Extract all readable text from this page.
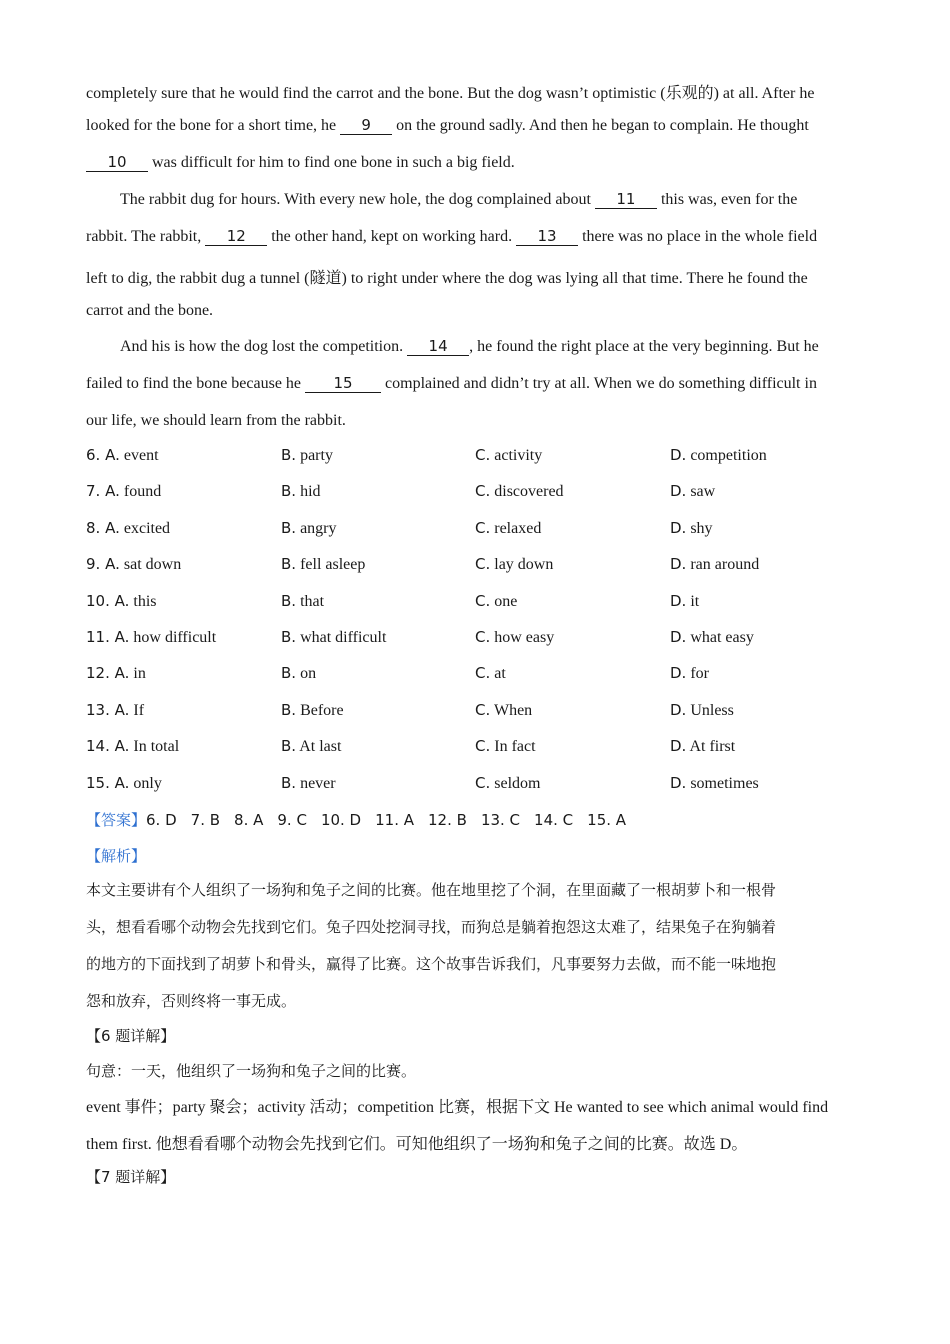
completely sure that he would find the carrot and the bone. But the dog wasn’t optimistic (乐观的) at all. After he
looked for the bone for a short time, he 9 on the ground sadly. And then he began to complain. He thought
10 was difficult for him to find one bone in such a big field.
The rabbit dug for hours. With every new hole, the dog complained about 11 this was, even for the
rabbit. The rabbit, 12 the other hand, kept on working hard. 13 there was no place in the whole field
left to dig, the rabbit dug a tunnel (隧道) to right under where the dog was lying all that time. There he found the
carrot and the bone.
And his is how the dog lost the competition. 14 , he found the right place at the very beginning. But he
failed to find the bone because he 15 complained and didn’t try at all. When we do something difficult in
our life, we should learn from the rabbit.
6. A. event	B. party	C. activity	D. competition
7. A. found	B. hid	C. discovered	D. saw
8. A. excited	B. angry	C. relaxed	D. shy
9. A. sat down	B. fell asleep	C. lay down	D. ran around
10. A. this	B. that	C. one	D. it
11. A. how difficult	B. what difficult	C. how easy	D. what easy
12. A. in	B. on	C. at	D. for
13. A. If	B. Before	C. When	D. Unless
14. A. In total	B. At last	C. In fact	D. At first
15. A. only	B. never	C. seldom	D. sometimes
【答案】6. D 7. B 8. A 9. C 10. D 11. A 12. B 13. C 14. C 15. A
【解析】
本文主要讲有个人组织了一场狗和兔子之间的比赛。他在地里挖了个洞，在里面藏了一根胡萝卜和一根骨
头，想看看哪个动物会先找到它们。兔子四处挖洞寻找，而狗总是躺着抱怨这太难了，结果兔子在狗躺着
的地方的下面找到了胡萝卜和骨头，赢得了比赛。这个故事告诉我们，凡事要努力去做，而不能一味地抱
怨和放弃，否则终将一事无成。
【6 题详解】
句意：一天，他组织了一场狗和兔子之间的比赛。
event 事件；party 聚会；activity 活动；competition 比赛，根据下文 He wanted to see which animal would find
them first. 他想看看哪个动物会先找到它们。可知他组织了一场狗和兔子之间的比赛。故选 D。
【7 题详解】
